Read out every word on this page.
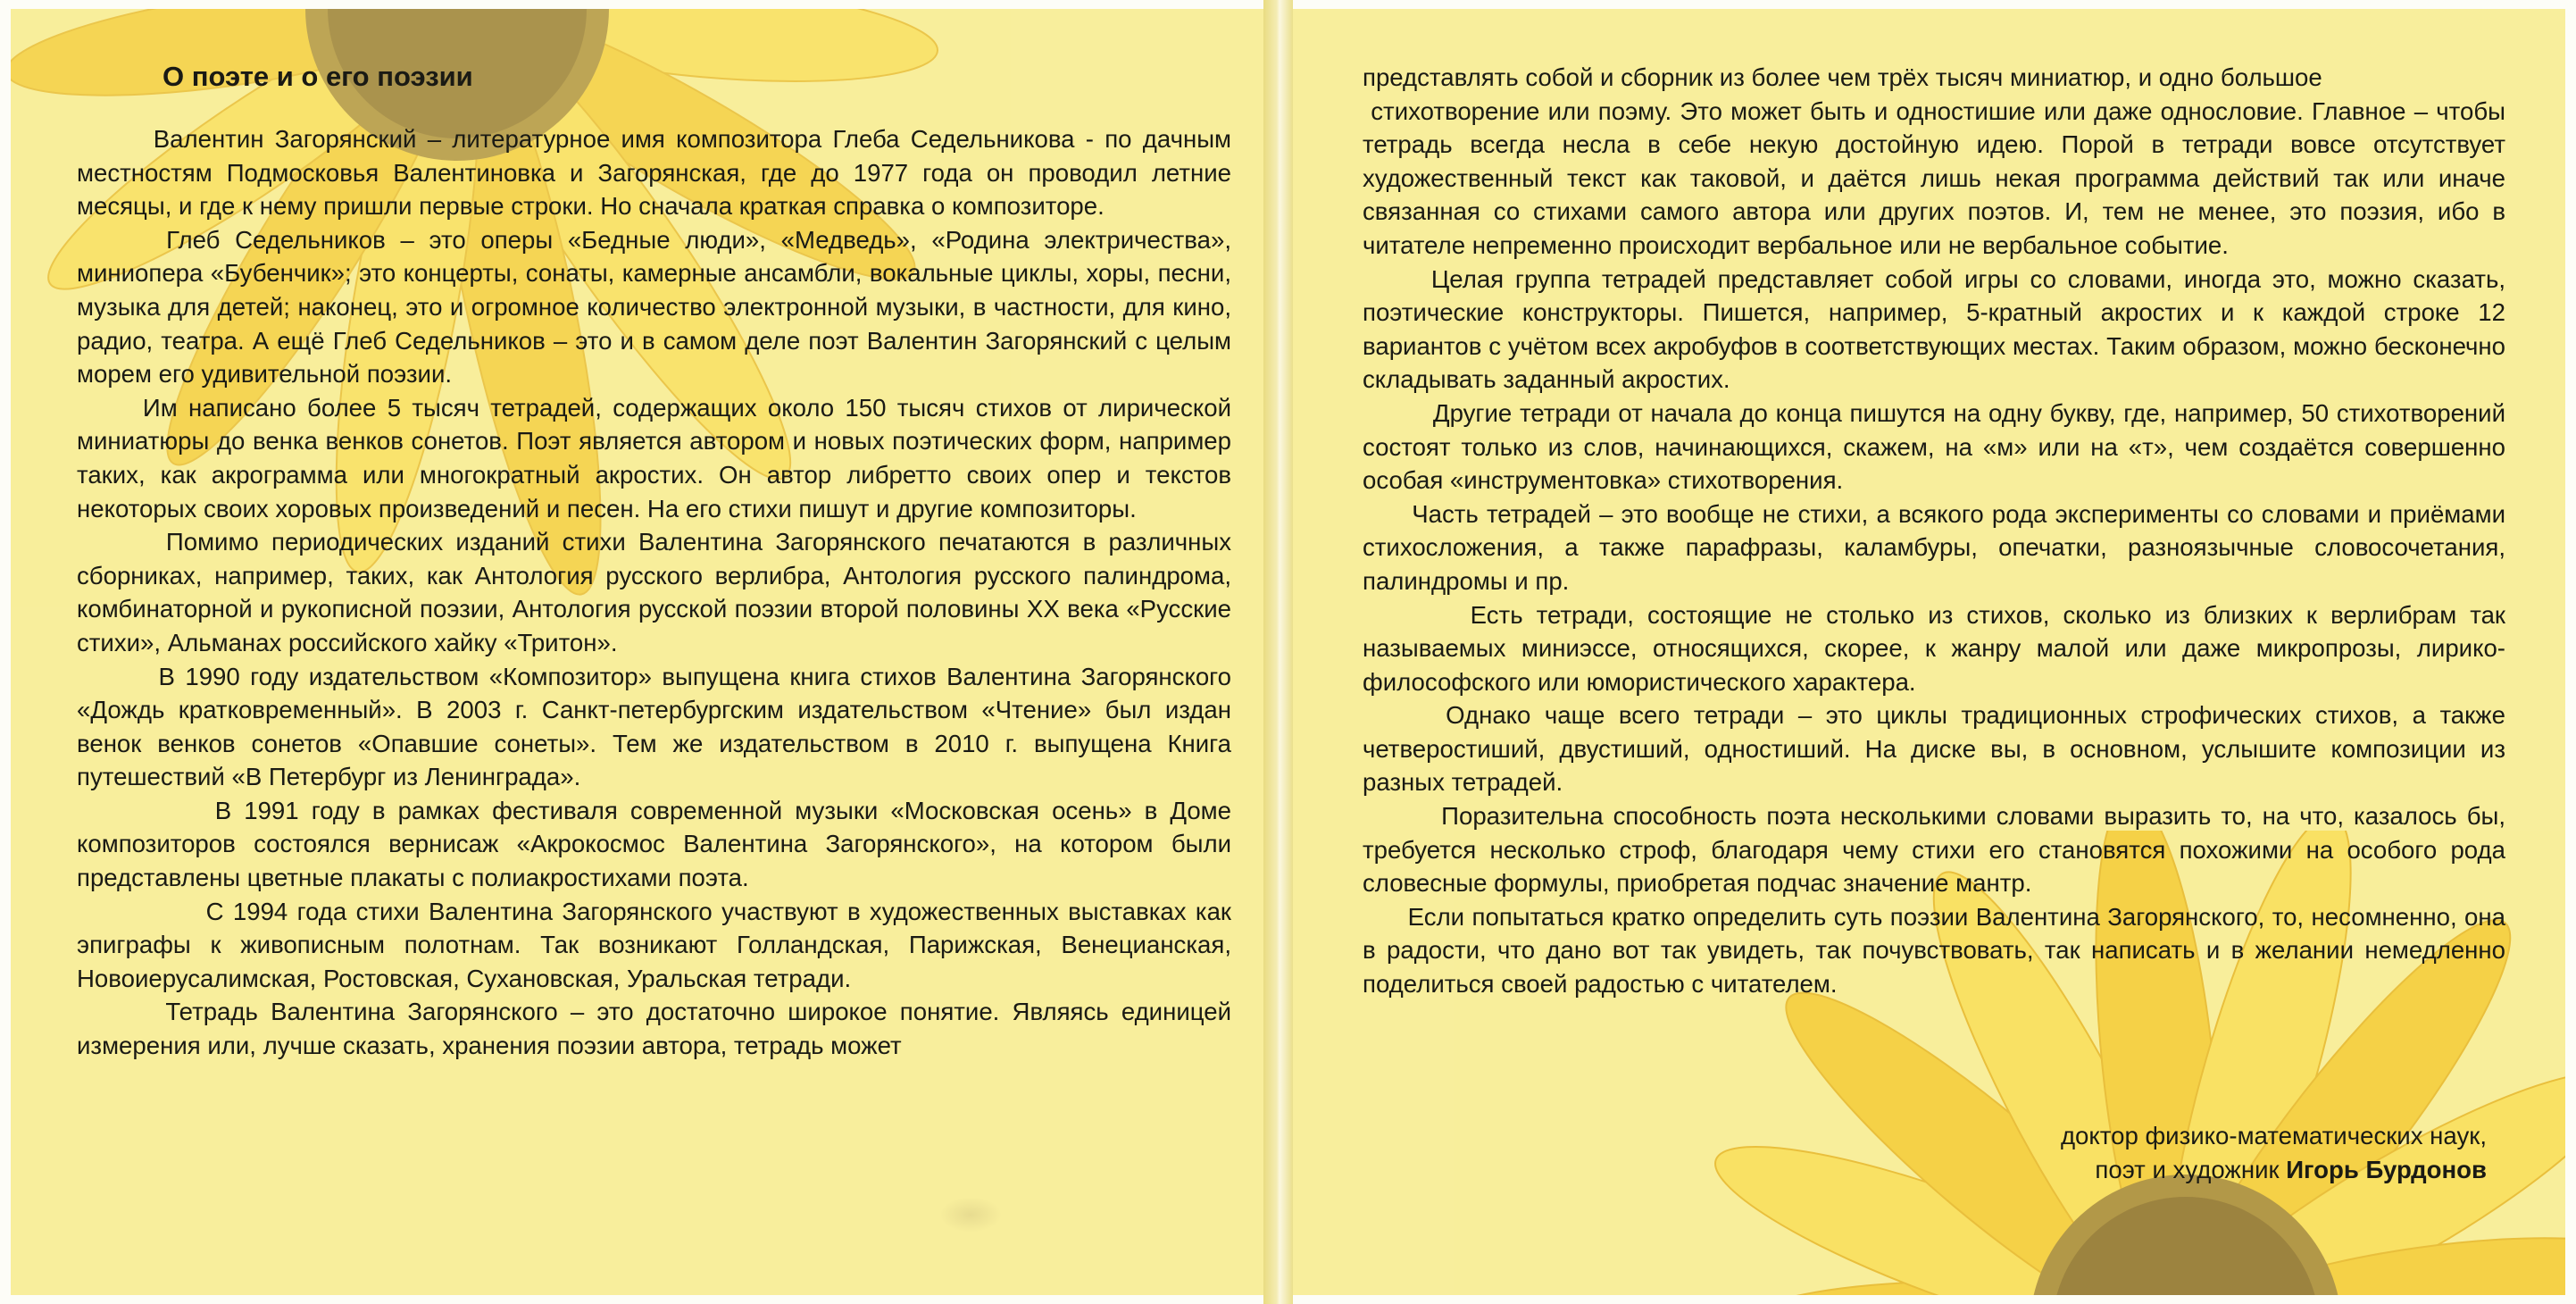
О поэте и о его поэзии

Валентин Загорянский – литературное имя композитора Глеба Седельникова - по дачным местностям Подмосковья Валентиновка и Загорянская, где до 1977 года он проводил летние месяцы, и где к нему пришли первые строки. Но сначала краткая справка о композиторе.

Глеб Седельников – это оперы «Бедные люди», «Медведь», «Родина электричества», миниопера «Бубенчик»; это концерты, сонаты, камерные ансамбли, вокальные циклы, хоры, песни, музыка для детей; наконец, это и огромное количество электронной музыки, в частности, для кино, радио, театра. А ещё Глеб Седельников – это и в самом деле поэт Валентин Загорянский с целым морем его удивительной поэзии.

Им написано более 5 тысяч тетрадей, содержащих около 150 тысяч стихов от лирической миниатюры до венка венков сонетов. Поэт является автором и новых поэтических форм, например таких, как акрограмма или многократный акростих. Он автор либретто своих опер и текстов некоторых своих хоровых произведений и песен. На его стихи пишут и другие композиторы.

Помимо периодических изданий стихи Валентина Загорянского печатаются в различных сборниках, например, таких, как Антология русского верлибра, Антология русского палиндрома, комбинаторной и рукописной поэзии, Антология русской поэзии второй половины XX века «Русские стихи», Альманах российского хайку «Тритон».

В 1990 году издательством «Композитор» выпущена книга стихов Валентина Загорянского «Дождь кратковременный». В 2003 г. Санкт-петербургским издательством «Чтение» был издан венок венков сонетов «Опавшие сонеты». Тем же издательством в 2010 г. выпущена Книга путешествий «В Петербург из Ленинграда».

В 1991 году в рамках фестиваля современной музыки «Московская осень» в Доме композиторов состоялся вернисаж «Акрокосмос Валентина Загорянского», на котором были представлены цветные плакаты с полиакростихами поэта.

С 1994 года стихи Валентина Загорянского участвуют в художественных выставках как эпиграфы к живописным полотнам. Так возникают Голландская, Парижская, Венецианская, Новоиерусалимская, Ростовская, Сухановская, Уральская тетради.

Тетрадь Валентина Загорянского – это достаточно широкое понятие. Являясь единицей измерения или, лучше сказать, хранения поэзии автора, тетрадь может

представлять собой и сборник из более чем трёх тысяч миниатюр, и одно большое

стихотворение или поэму. Это может быть и одностишие или даже однословие. Главное – чтобы тетрадь всегда несла в себе некую достойную идею. Порой в тетради вовсе отсутствует художественный текст как таковой, и даётся лишь некая программа действий так или иначе связанная со стихами самого автора или других поэтов. И, тем не менее, это поэзия, ибо в читателе непременно происходит вербальное или не вербальное событие.

Целая группа тетрадей представляет собой игры со словами, иногда это, можно сказать, поэтические конструкторы. Пишется, например, 5-кратный акростих и к каждой строке 12 вариантов с учётом всех акробуфов в соответствующих местах. Таким образом, можно бесконечно складывать заданный акростих.

Другие тетради от начала до конца пишутся на одну букву, где, например, 50 стихотворений состоят только из слов, начинающихся, скажем, на «м» или на «т», чем создаётся совершенно особая «инструментовка» стихотворения.

Часть тетрадей – это вообще не стихи, а всякого рода эксперименты со словами и приёмами стихосложения, а также парафразы, каламбуры, опечатки, разноязычные словосочетания, палиндромы и пр.

Есть тетради, состоящие не столько из стихов, сколько из близких к верлибрам так называемых миниэссе, относящихся, скорее, к жанру малой или даже микропрозы, лирико-философского или юмористического характера.

Однако чаще всего тетради – это циклы традиционных строфических стихов, а также четверостиший, двустиший, одностиший. На диске вы, в основном, услышите композиции из разных тетрадей.

Поразительна способность поэта несколькими словами выразить то, на что, казалось бы, требуется несколько строф, благодаря чему стихи его становятся похожими на особого рода словесные формулы, приобретая подчас значение мантр.

Если попытаться кратко определить суть поэзии Валентина Загорянского, то, несомненно, она в радости, что дано вот так увидеть, так почувствовать, так написать и в желании немедленно поделиться своей радостью с читателем.

доктор физико-математических наук,
поэт и художник Игорь Бурдонов
